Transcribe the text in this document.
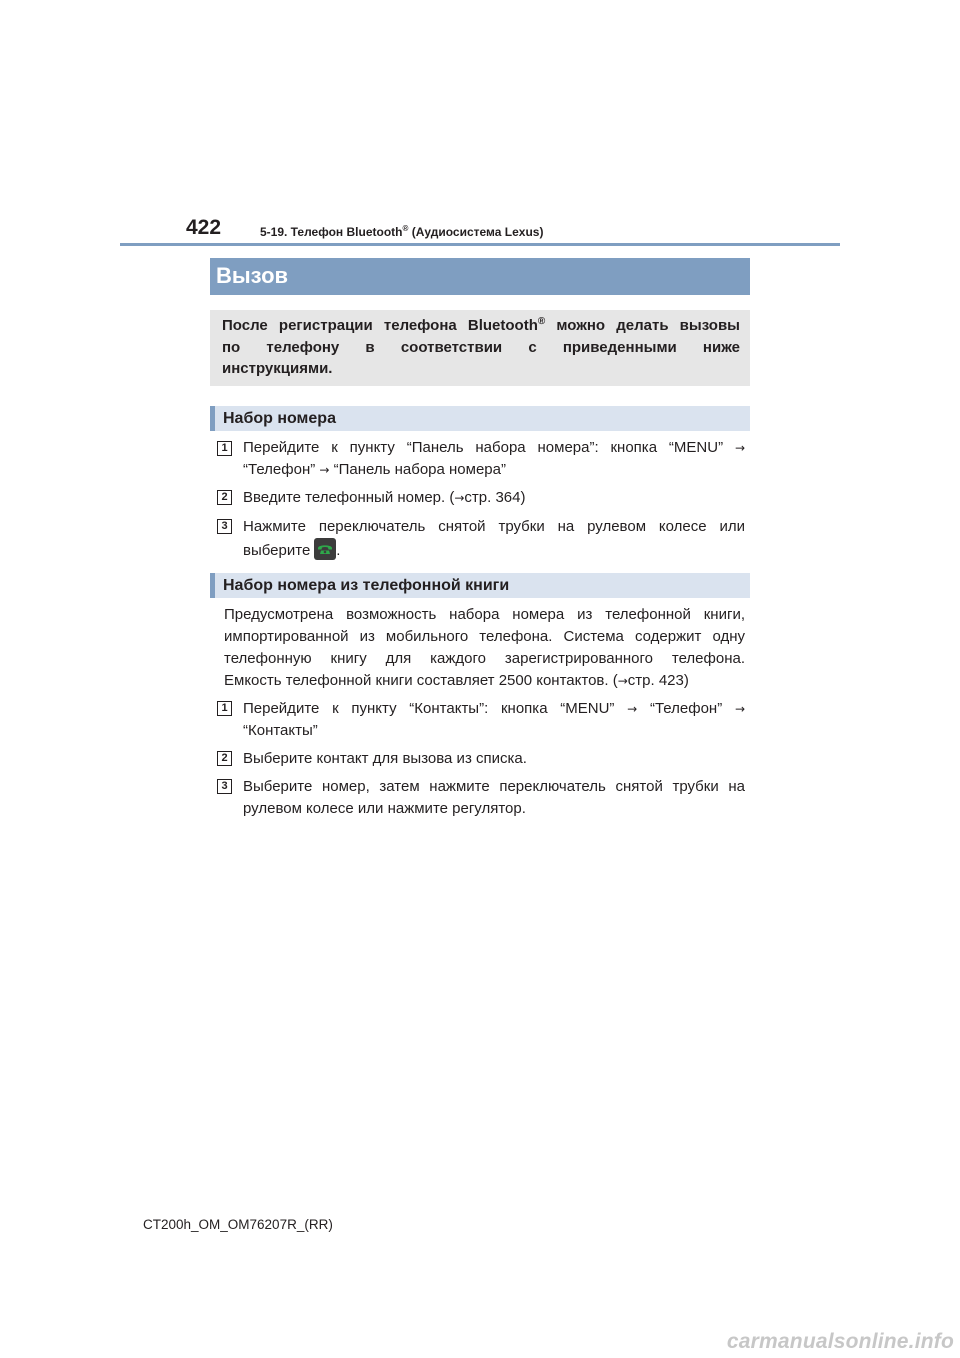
422	5-19. Телефон Bluetooth® (Аудиосистема Lexus)
Вызов
После регистрации телефона Bluetooth® можно делать вызовы
по телефону в соответствии с приведенными ниже
инструкциями.
Набор номера
1 Перейдите к пункту “Панель набора номера”: кнопка “MENU” →
“Телефон” → “Панель набора номера”
2 Введите телефонный номер. (→стр. 364)
3 Нажмите переключатель снятой трубки на рулевом колесе или
выберите .
Набор номера из телефонной книги
Предусмотрена возможность набора номера из телефонной книги,
импортированной из мобильного телефона. Система содержит одну
телефонную книгу для каждого зарегистрированного телефона.
Емкость телефонной книги составляет 2500 контактов. (→стр. 423)
1 Перейдите к пункту “Контакты”: кнопка “MENU” → “Телефон” →
“Контакты”
2 Выберите контакт для вызова из списка.
3 Выберите номер, затем нажмите переключатель снятой трубки на
рулевом колесе или нажмите регулятор.
CT200h_OM_OM76207R_(RR)
carmanualsonline.info
